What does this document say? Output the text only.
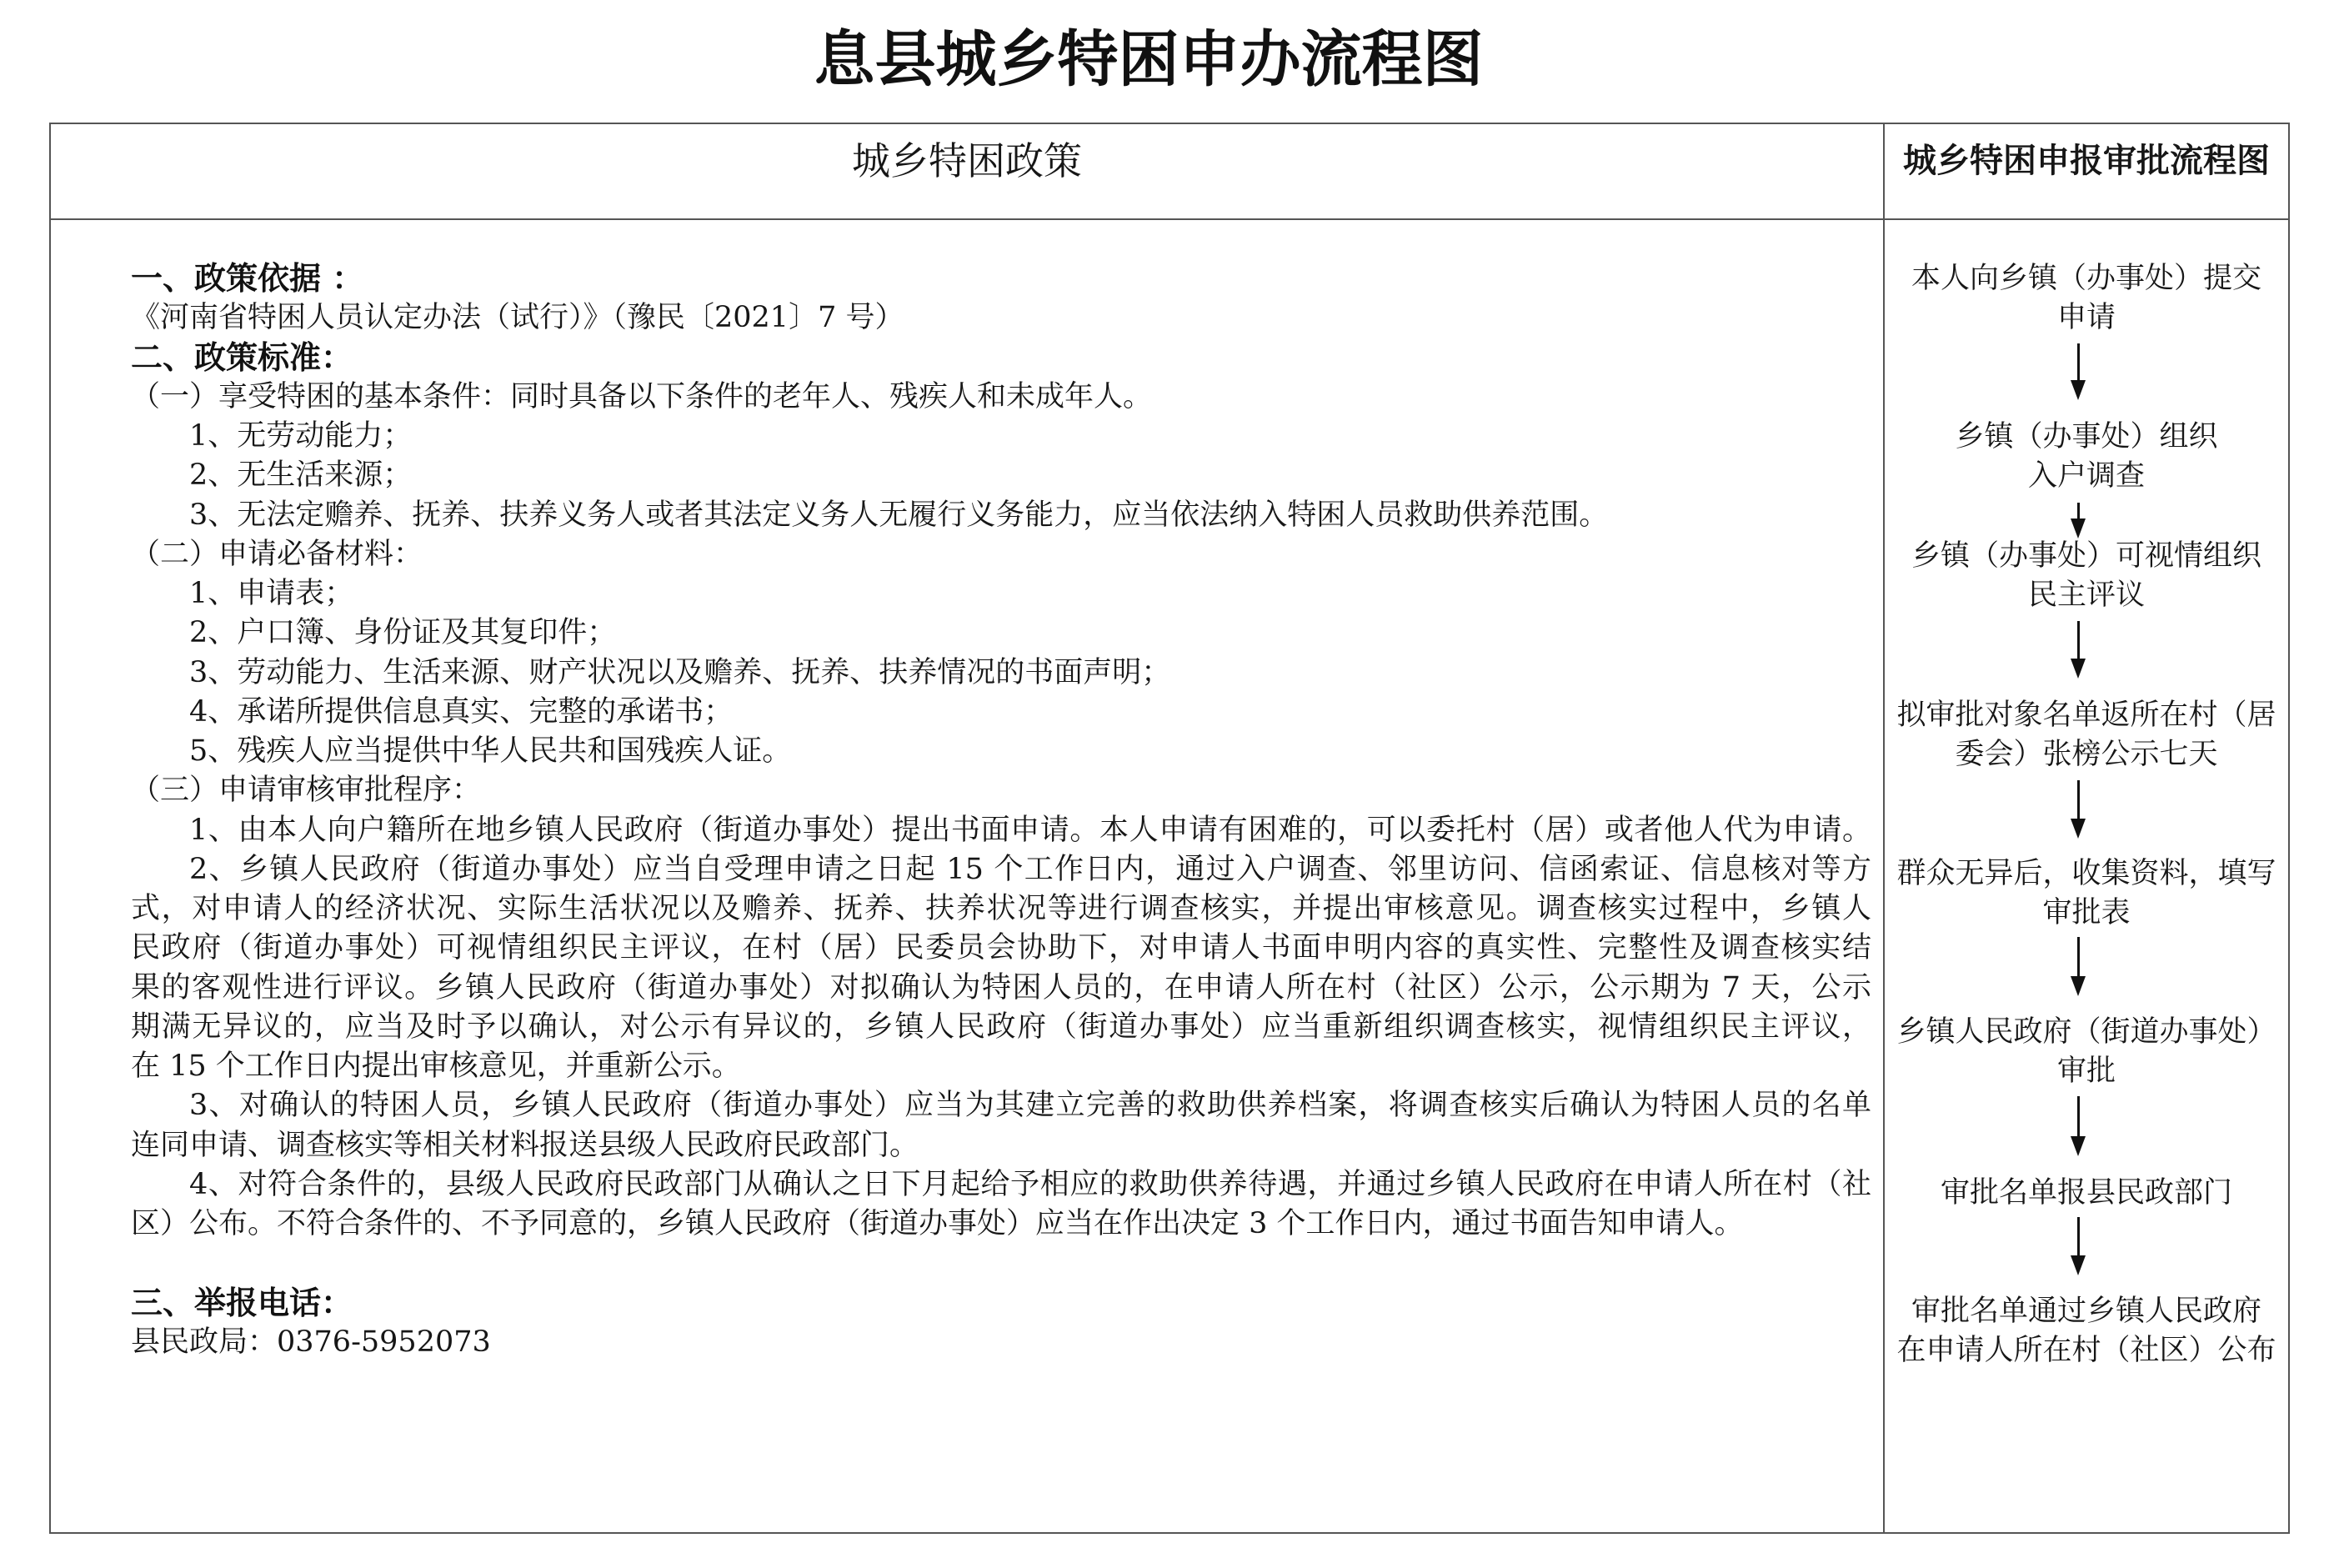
息县城乡特困申办流程图
城乡特困政策	城乡特困申报审批流程图
一、政策依据 ：
《河南省特困人员认定办法（试行）》（豫民〔2021〕7 号）
二、政策标准：
（一）享受特困的基本条件：同时具备以下条件的老年人、残疾人和未成年人。
1、无劳动能力；
2、无生活来源；
3、无法定赡养、抚养、扶养义务人或者其法定义务人无履行义务能力，应当依法纳入特困人员救助供养范围。
（二）申请必备材料：
1、申请表；
2、户口簿、身份证及其复印件；
3、劳动能力、生活来源、财产状况以及赡养、抚养、扶养情况的书面声明；
4、承诺所提供信息真实、完整的承诺书；
5、残疾人应当提供中华人民共和国残疾人证。
（三）申请审核审批程序：
1、由本人向户籍所在地乡镇人民政府（街道办事处）提出书面申请。本人申请有困难的，可以委托村（居）或者他人代为申请。
2、乡镇人民政府（街道办事处）应当自受理申请之日起 15 个工作日内，通过入户调查、邻里访问、信函索证、信息核对等方
式，对申请人的经济状况、实际生活状况以及赡养、抚养、扶养状况等进行调查核实，并提出审核意见。调查核实过程中，乡镇人
民政府（街道办事处）可视情组织民主评议，在村（居）民委员会协助下，对申请人书面申明内容的真实性、完整性及调查核实结
果的客观性进行评议。乡镇人民政府（街道办事处）对拟确认为特困人员的，在申请人所在村（社区）公示，公示期为 7 天，公示
期满无异议的，应当及时予以确认，对公示有异议的，乡镇人民政府（街道办事处）应当重新组织调查核实，视情组织民主评议，
在 15 个工作日内提出审核意见，并重新公示。
3、对确认的特困人员，乡镇人民政府（街道办事处）应当为其建立完善的救助供养档案，将调查核实后确认为特困人员的名单
连同申请、调查核实等相关材料报送县级人民政府民政部门。
4、对符合条件的，县级人民政府民政部门从确认之日下月起给予相应的救助供养待遇，并通过乡镇人民政府在申请人所在村（社
区）公布。不符合条件的、不予同意的，乡镇人民政府（街道办事处）应当在作出决定 3 个工作日内，通过书面告知申请人。
三、举报电话：
县民政局：0376-5952073
本人向乡镇（办事处）提交
申请
乡镇（办事处）组织
入户调查
乡镇（办事处）可视情组织
民主评议
拟审批对象名单返所在村（居
委会）张榜公示七天
群众无异后，收集资料，填写
审批表
乡镇人民政府（街道办事处）
审批
审批名单报县民政部门
审批名单通过乡镇人民政府
在申请人所在村（社区）公布
